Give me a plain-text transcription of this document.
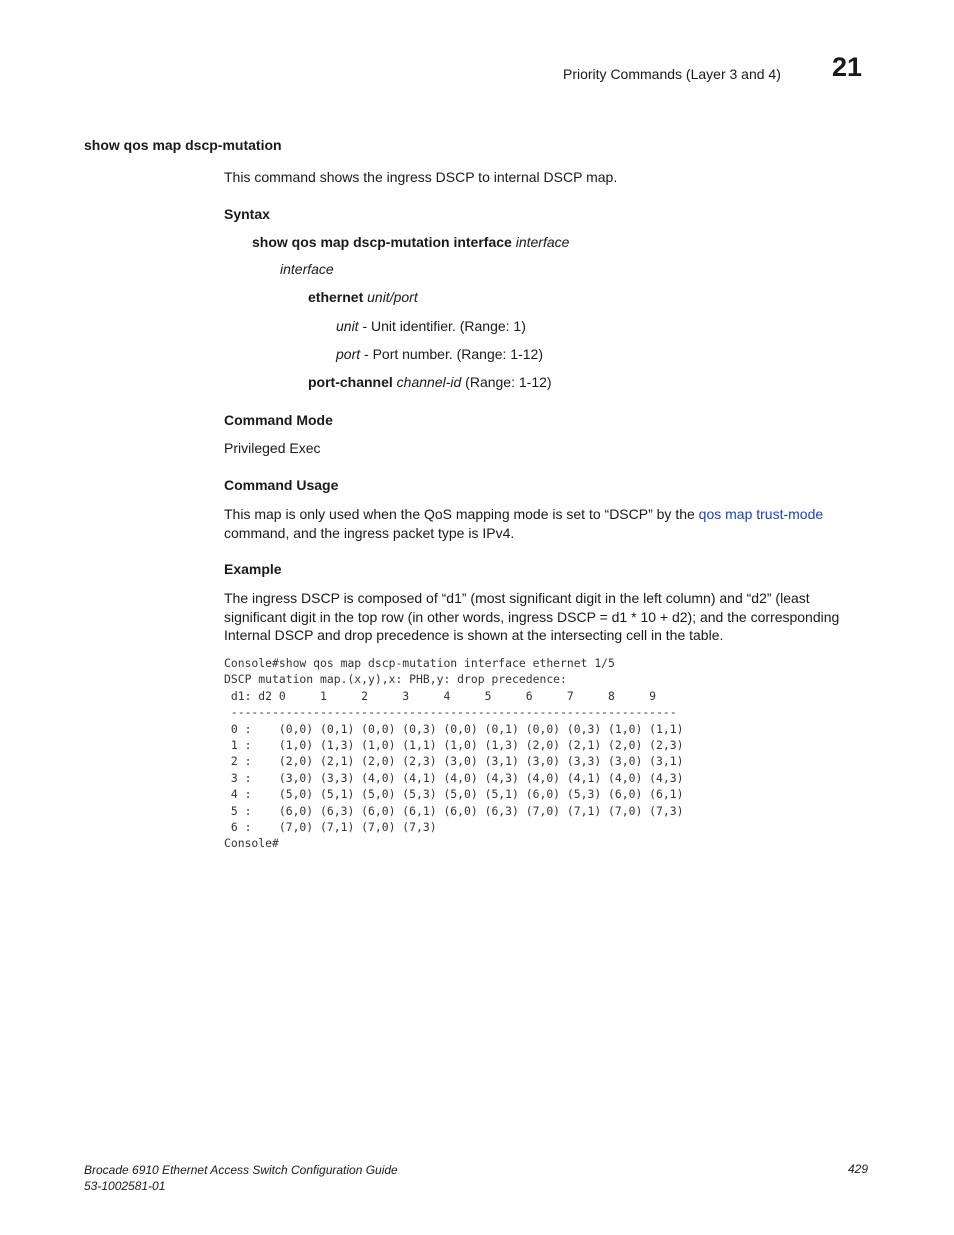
Priority Commands (Layer 3 and 4) 21
show qos map dscp-mutation
This command shows the ingress DSCP to internal DSCP map.
Syntax
show qos map dscp-mutation interface interface
interface
ethernet unit/port
unit - Unit identifier. (Range: 1)
port - Port number. (Range: 1-12)
port-channel channel-id (Range: 1-12)
Command Mode
Privileged Exec
Command Usage
This map is only used when the QoS mapping mode is set to “DSCP” by the qos map trust-mode command, and the ingress packet type is IPv4.
Example
The ingress DSCP is composed of “d1” (most significant digit in the left column) and “d2” (least significant digit in the top row (in other words, ingress DSCP = d1 * 10 + d2); and the corresponding Internal DSCP and drop precedence is shown at the intersecting cell in the table.
Console#show qos map dscp-mutation interface ethernet 1/5
DSCP mutation map.(x,y),x: PHB,y: drop precedence:
d1: d2 0     1     2     3     4     5     6     7     8     9
-----------------------------------------------------------------
0 :    (0,0) (0,1) (0,0) (0,3) (0,0) (0,1) (0,0) (0,3) (1,0) (1,1)
1 :    (1,0) (1,3) (1,0) (1,1) (1,0) (1,3) (2,0) (2,1) (2,0) (2,3)
2 :    (2,0) (2,1) (2,0) (2,3) (3,0) (3,1) (3,0) (3,3) (3,0) (3,1)
3 :    (3,0) (3,3) (4,0) (4,1) (4,0) (4,3) (4,0) (4,1) (4,0) (4,3)
4 :    (5,0) (5,1) (5,0) (5,3) (5,0) (5,1) (6,0) (5,3) (6,0) (6,1)
5 :    (6,0) (6,3) (6,0) (6,1) (6,0) (6,3) (7,0) (7,1) (7,0) (7,3)
6 :    (7,0) (7,1) (7,0) (7,3)
Console#
Brocade 6910 Ethernet Access Switch Configuration Guide
53-1002581-01
429
